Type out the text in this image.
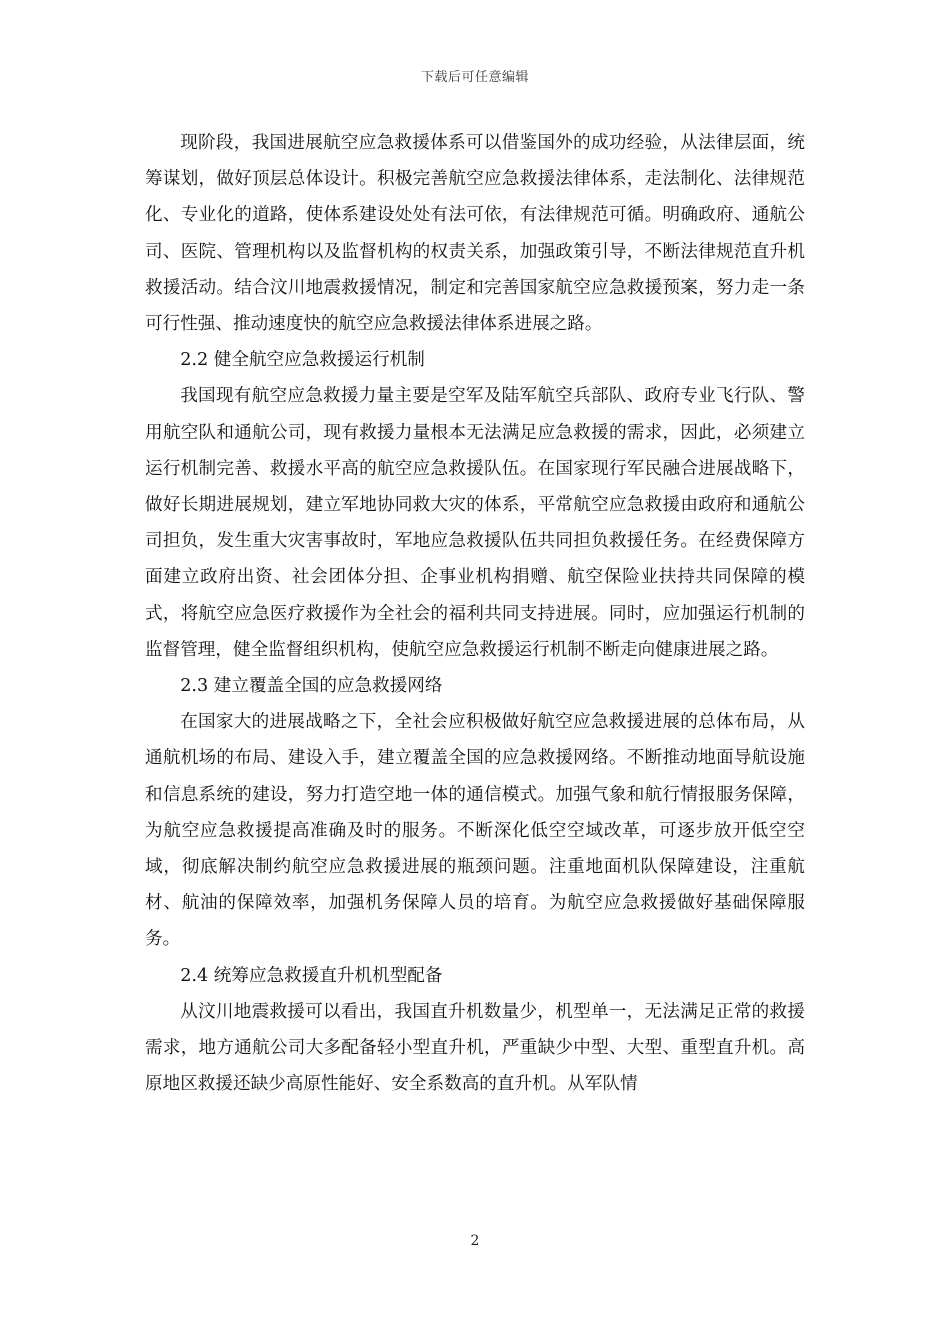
下载后可任意编辑

现阶段，我国进展航空应急救援体系可以借鉴国外的成功经验，从法律层面，统筹谋划，做好顶层总体设计。积极完善航空应急救援法律体系，走法制化、法律规范化、专业化的道路，使体系建设处处有法可依，有法律规范可循。明确政府、通航公司、医院、管理机构以及监督机构的权责关系，加强政策引导，不断法律规范直升机救援活动。结合汶川地震救援情况，制定和完善国家航空应急救援预案，努力走一条可行性强、推动速度快的航空应急救援法律体系进展之路。

2.2 健全航空应急救援运行机制

我国现有航空应急救援力量主要是空军及陆军航空兵部队、政府专业飞行队、警用航空队和通航公司，现有救援力量根本无法满足应急救援的需求，因此，必须建立运行机制完善、救援水平高的航空应急救援队伍。在国家现行军民融合进展战略下，做好长期进展规划，建立军地协同救大灾的体系，平常航空应急救援由政府和通航公司担负，发生重大灾害事故时，军地应急救援队伍共同担负救援任务。在经费保障方面建立政府出资、社会团体分担、企事业机构捐赠、航空保险业扶持共同保障的模式，将航空应急医疗救援作为全社会的福利共同支持进展。同时，应加强运行机制的监督管理，健全监督组织机构，使航空应急救援运行机制不断走向健康进展之路。

2.3 建立覆盖全国的应急救援网络

在国家大的进展战略之下，全社会应积极做好航空应急救援进展的总体布局，从通航机场的布局、建设入手，建立覆盖全国的应急救援网络。不断推动地面导航设施和信息系统的建设，努力打造空地一体的通信模式。加强气象和航行情报服务保障，为航空应急救援提高准确及时的服务。不断深化低空空域改革，可逐步放开低空空域，彻底解决制约航空应急救援进展的瓶颈问题。注重地面机队保障建设，注重航材、航油的保障效率，加强机务保障人员的培育。为航空应急救援做好基础保障服务。

2.4 统筹应急救援直升机机型配备

从汶川地震救援可以看出，我国直升机数量少，机型单一，无法满足正常的救援需求，地方通航公司大多配备轻小型直升机，严重缺少中型、大型、重型直升机。高原地区救援还缺少高原性能好、安全系数高的直升机。从军队情

2
